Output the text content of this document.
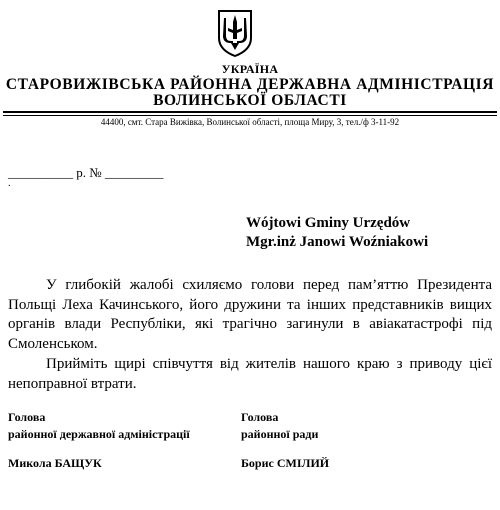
УКРАЇНА
СТАРОВИЖІВСЬКА РАЙОННА ДЕРЖАВНА АДМІНІСТРАЦІЯ
ВОЛИНСЬКОЇ ОБЛАСТІ
44400, смт. Стара Вижівка, Волинської області, площа Миру, 3, тел./ф 3-11-92
__________ р. № _________
.
Wójtowi Gminy Urzędów
Mgr.inż Janowi Woźniakowi

У глибокій жалобі схиляємо голови перед пам’яттю Президента Польщі Леха Качинського, його дружини та інших представників вищих органів влади Республіки, які трагічно загинули в авіакатастрофі під Смоленськом.

Прийміть щирі співчуття від жителів нашого краю з приводу цієї непоправної втрати.

Голова
районної державної адміністрації
Голова
районної ради
Микола БАЩУК	Борис СМІЛИЙ
